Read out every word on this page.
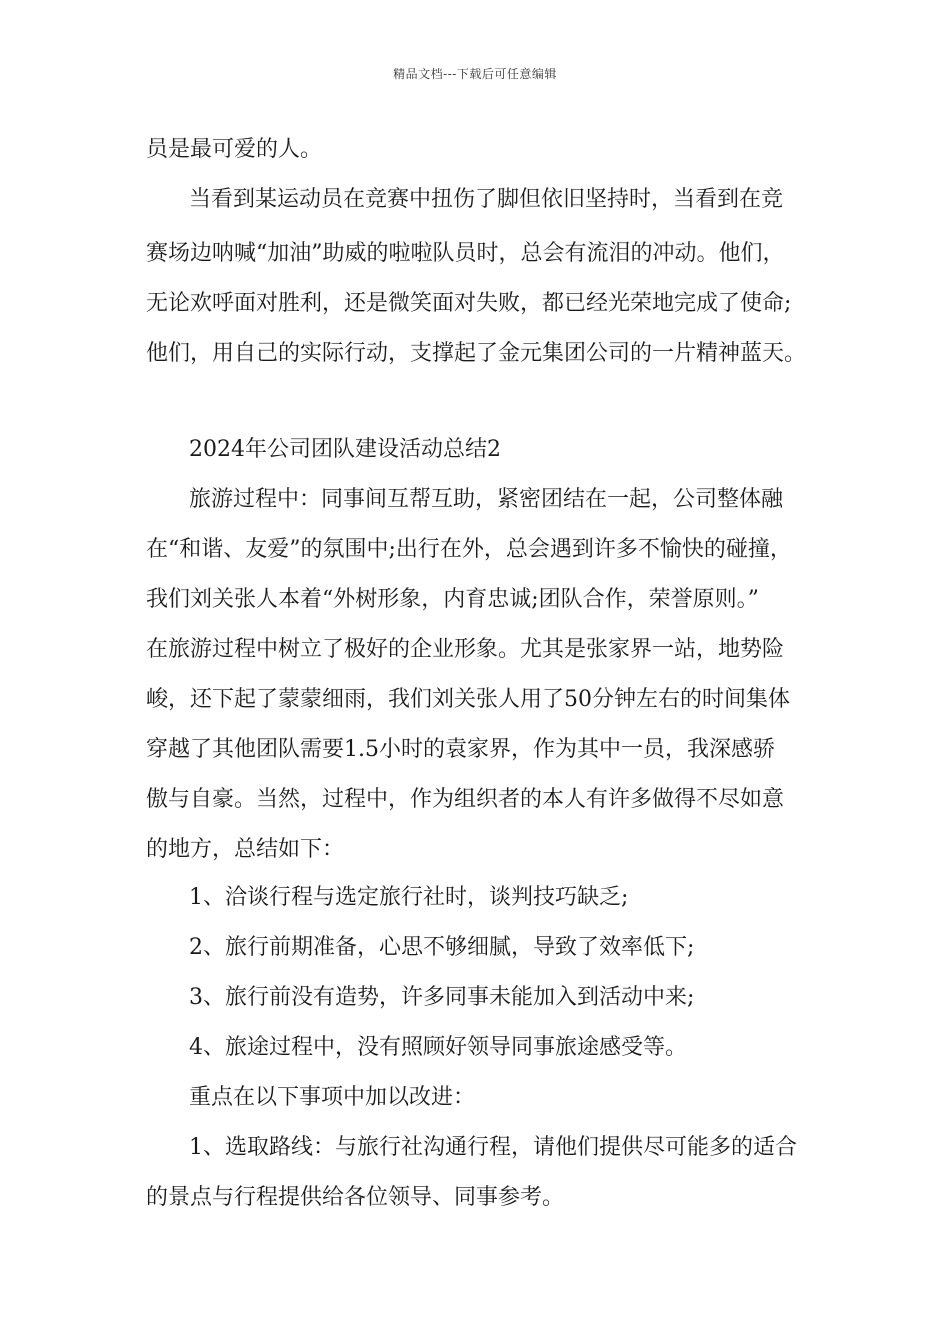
精品文档---下载后可任意编辑
员是最可爱的人。
当看到某运动员在竞赛中扭伤了脚但依旧坚持时，当看到在竞
赛场边呐喊“加油”助威的啦啦队员时，总会有流泪的冲动。他们，
无论欢呼面对胜利，还是微笑面对失败，都已经光荣地完成了使命;
他们，用自己的实际行动，支撑起了金元集团公司的一片精神蓝天。
2024年公司团队建设活动总结2
旅游过程中：同事间互帮互助，紧密团结在一起，公司整体融
在“和谐、友爱”的氛围中;出行在外，总会遇到许多不愉快的碰撞，
我们刘关张人本着“外树形象，内育忠诚;团队合作，荣誉原则。”
在旅游过程中树立了极好的企业形象。尤其是张家界一站，地势险
峻，还下起了蒙蒙细雨，我们刘关张人用了50分钟左右的时间集体
穿越了其他团队需要1.5小时的袁家界，作为其中一员，我深感骄
傲与自豪。当然，过程中，作为组织者的本人有许多做得不尽如意
的地方，总结如下：
1、洽谈行程与选定旅行社时，谈判技巧缺乏;
2、旅行前期准备，心思不够细腻，导致了效率低下;
3、旅行前没有造势，许多同事未能加入到活动中来;
4、旅途过程中，没有照顾好领导同事旅途感受等。
重点在以下事项中加以改进：
1、选取路线：与旅行社沟通行程，请他们提供尽可能多的适合
的景点与行程提供给各位领导、同事参考。
